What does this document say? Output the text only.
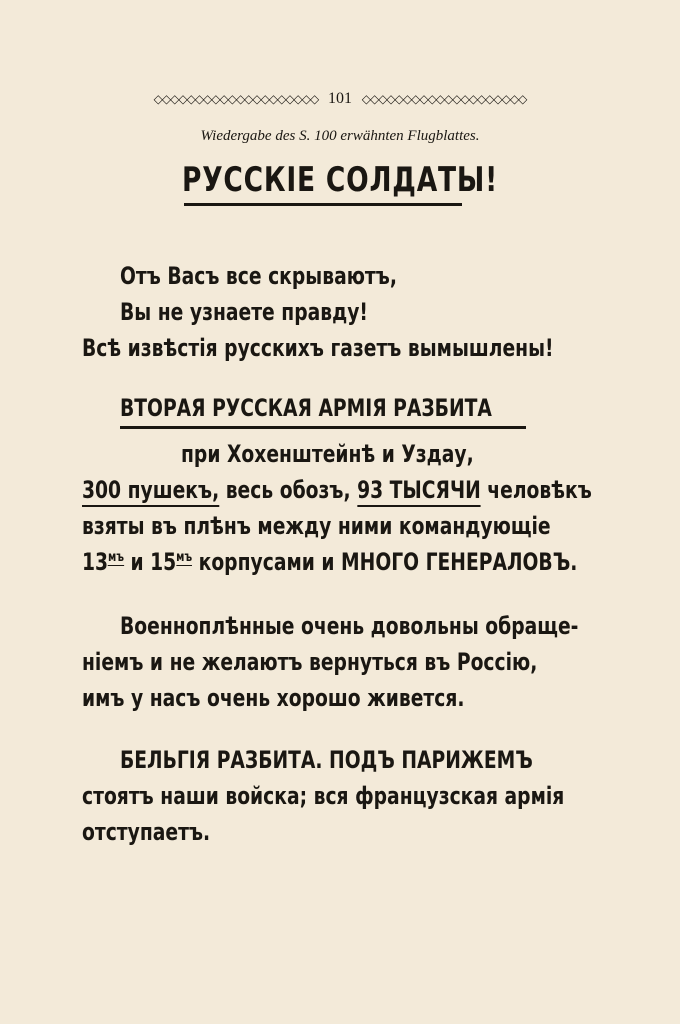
◇◇◇◇◇◇◇◇◇◇◇◇◇◇◇◇◇◇◇◇ 101 ◇◇◇◇◇◇◇◇◇◇◇◇◇◇◇◇◇◇◇◇
Wiedergabe des S. 100 erwähnten Flugblattes.
РУССКІЕ СОЛДАТЫ!
Отъ Васъ все скрываютъ,
Вы не узнаете правду!
Всѣ извѣстія русскихъ газетъ вымышлены!
ВТОРАЯ РУССКАЯ АРМІЯ РАЗБИТА
при Хохенштейнѣ и Уздау,
300 пушекъ, весь обозъ, 93 ТЫСЯЧИ человѣкъ
взяты въ плѣнъ между ними командующіе
$13^{мъ}$ и $15^{мъ}$ корпусами и МНОГО ГЕНЕРАЛОВЪ.
Военноплѣнные очень довольны обраще-
ніемъ и не желаютъ вернуться въ Россію,
имъ у насъ очень хорошо живется.
БЕЛЬГІЯ РАЗБИТА. ПОДЪ ПАРИЖЕМЪ
стоятъ наши войска; вся французская армія
отступаетъ.
